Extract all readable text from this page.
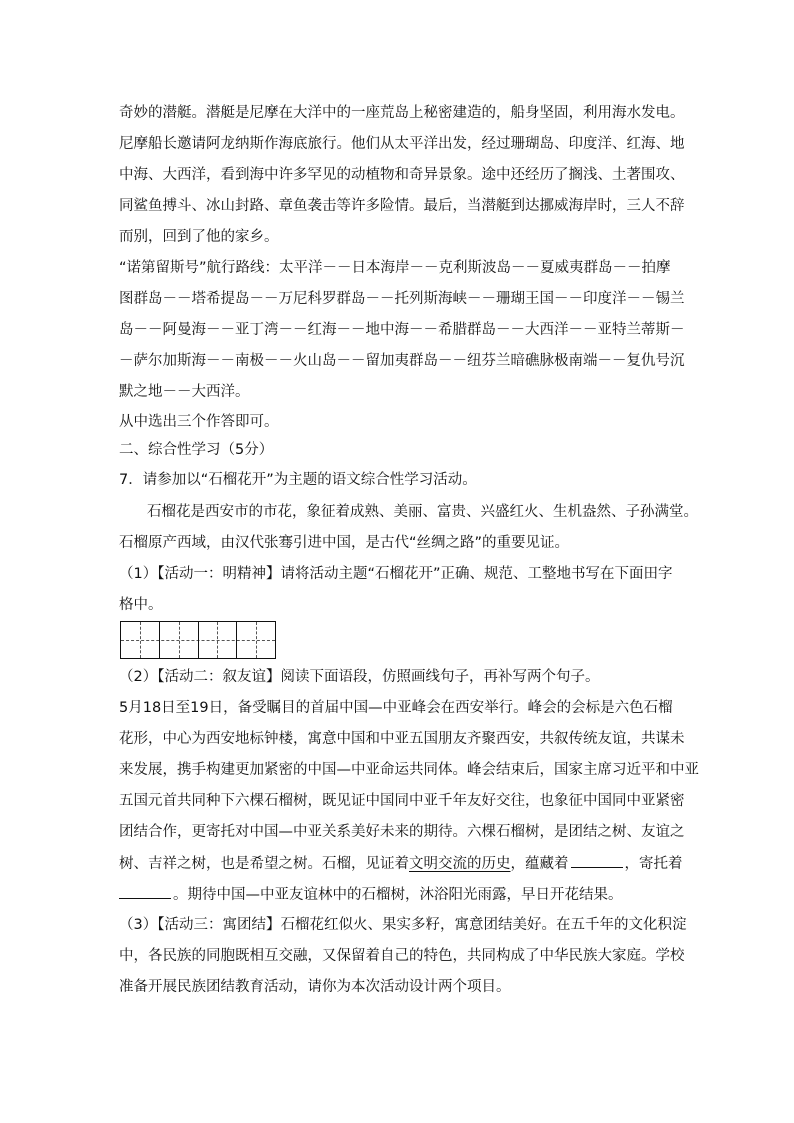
奇妙的潜艇。潜艇是尼摩在大洋中的一座荒岛上秘密建造的，船身坚固，利用海水发电。
尼摩船长邀请阿龙纳斯作海底旅行。他们从太平洋出发，经过珊瑚岛、印度洋、红海、地
中海、大西洋，看到海中许多罕见的动植物和奇异景象。途中还经历了搁浅、土著围攻、
同鲨鱼搏斗、冰山封路、章鱼袭击等许多险情。最后，当潜艇到达挪威海岸时，三人不辞
而别，回到了他的家乡。
“诺第留斯号”航行路线：太平洋－－日本海岸－－克利斯波岛－－夏威夷群岛－－拍摩
图群岛－－塔希提岛－－万尼科罗群岛－－托列斯海峡－－珊瑚王国－－印度洋－－锡兰
岛－－阿曼海－－亚丁湾－－红海－－地中海－－希腊群岛－－大西洋－－亚特兰蒂斯－
－萨尔加斯海－－南极－－火山岛－－留加夷群岛－－纽芬兰暗礁脉极南端－－复仇号沉
默之地－－大西洋。
从中选出三个作答即可。
二、综合性学习（5分）
7．请参加以“石榴花开”为主题的语文综合性学习活动。
石榴花是西安市的市花，象征着成熟、美丽、富贵、兴盛红火、生机盎然、子孙满堂。
石榴原产西域，由汉代张骞引进中国，是古代“丝绸之路”的重要见证。
（1）【活动一：明精神】请将活动主题“石榴花开”正确、规范、工整地书写在下面田字
格中。
（2）【活动二：叙友谊】阅读下面语段，仿照画线句子，再补写两个句子。
5月18日至19日，备受瞩目的首届中国—中亚峰会在西安举行。峰会的会标是六色石榴
花形，中心为西安地标钟楼，寓意中国和中亚五国朋友齐聚西安，共叙传统友谊，共谋未
来发展，携手构建更加紧密的中国—中亚命运共同体。峰会结束后，国家主席习近平和中亚
五国元首共同种下六棵石榴树，既见证中国同中亚千年友好交往，也象征中国同中亚紧密
团结合作，更寄托对中国—中亚关系美好未来的期待。六棵石榴树，是团结之树、友谊之
树、吉祥之树，也是希望之树。石榴，见证着文明交流的历史，蕴藏着	，寄托着
。期待中国—中亚友谊林中的石榴树，沐浴阳光雨露，早日开花结果。
（3）【活动三：寓团结】石榴花红似火、果实多籽，寓意团结美好。在五千年的文化积淀
中，各民族的同胞既相互交融，又保留着自己的特色，共同构成了中华民族大家庭。学校
准备开展民族团结教育活动，请你为本次活动设计两个项目。
